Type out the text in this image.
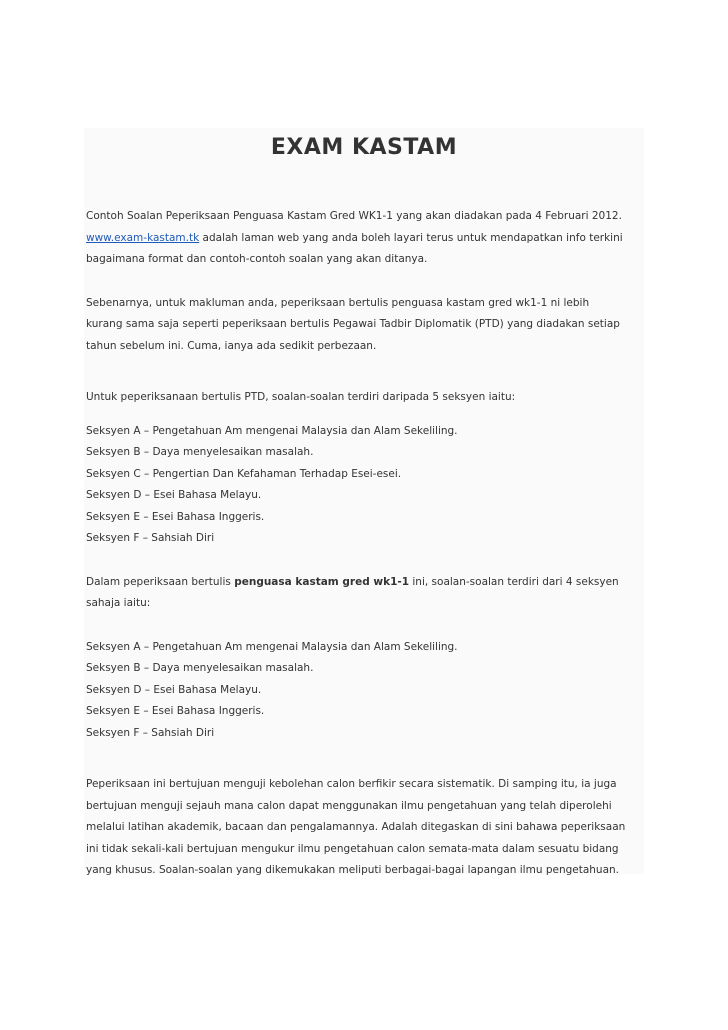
EXAM KASTAM
Contoh Soalan Peperiksaan Penguasa Kastam Gred WK1-1 yang akan diadakan pada 4 Februari 2012.
www.exam-kastam.tk adalah laman web yang anda boleh layari terus untuk mendapatkan info terkini
bagaimana format dan contoh-contoh soalan yang akan ditanya.
Sebenarnya, untuk makluman anda, peperiksaan bertulis penguasa kastam gred wk1-1 ni lebih
kurang sama saja seperti peperiksaan bertulis Pegawai Tadbir Diplomatik (PTD) yang diadakan setiap
tahun sebelum ini. Cuma, ianya ada sedikit perbezaan.
Untuk peperiksanaan bertulis PTD, soalan-soalan terdiri daripada 5 seksyen iaitu:
Seksyen A – Pengetahuan Am mengenai Malaysia dan Alam Sekeliling.
Seksyen B – Daya menyelesaikan masalah.
Seksyen C – Pengertian Dan Kefahaman Terhadap Esei-esei.
Seksyen D – Esei Bahasa Melayu.
Seksyen E – Esei Bahasa Inggeris.
Seksyen F – Sahsiah Diri
Dalam peperiksaan bertulis penguasa kastam gred wk1-1 ini, soalan-soalan terdiri dari 4 seksyen
sahaja iaitu:
Seksyen A – Pengetahuan Am mengenai Malaysia dan Alam Sekeliling.
Seksyen B – Daya menyelesaikan masalah.
Seksyen D – Esei Bahasa Melayu.
Seksyen E – Esei Bahasa Inggeris.
Seksyen F – Sahsiah Diri
Peperiksaan ini bertujuan menguji kebolehan calon berfikir secara sistematik. Di samping itu, ia juga
bertujuan menguji sejauh mana calon dapat menggunakan ilmu pengetahuan yang telah diperolehi
melalui latihan akademik, bacaan dan pengalamannya. Adalah ditegaskan di sini bahawa peperiksaan
ini tidak sekali-kali bertujuan mengukur ilmu pengetahuan calon semata-mata dalam sesuatu bidang
yang khusus. Soalan-soalan yang dikemukakan meliputi berbagai-bagai lapangan ilmu pengetahuan.
